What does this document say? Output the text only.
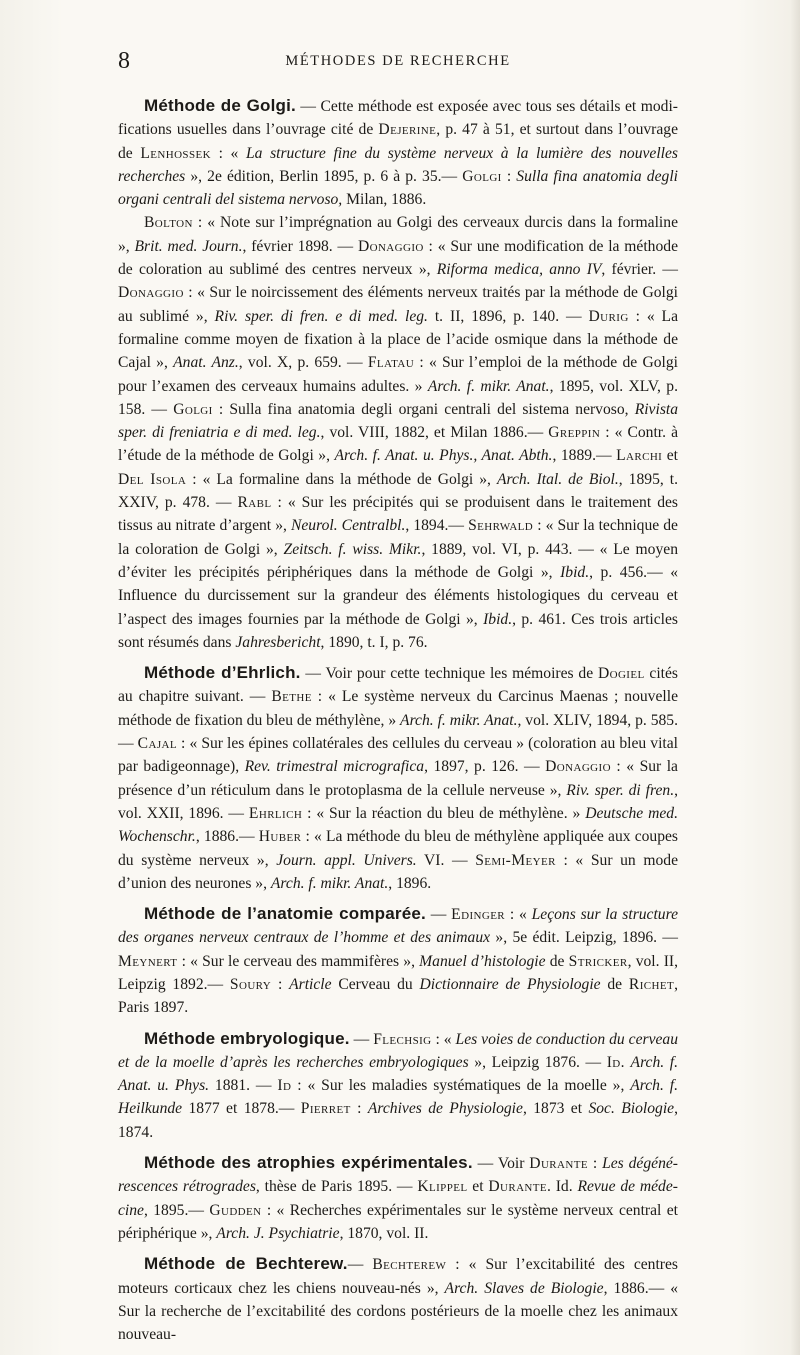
8	MÉTHODES DE RECHERCHE

Méthode de Golgi. — Cette méthode est exposée avec tous ses détails et modifications usuelles dans l’ouvrage cité de Dejerine, p. 47 à 51, et surtout dans l’ouvrage de Lenhossek : « La structure fine du système nerveux à la lumière des nouvelles recherches », 2e édition, Berlin 1895, p. 6 à p. 35.— Golgi : Sulla fina anatomia degli organi centrali del sistema nervoso, Milan, 1886.

Bolton : « Note sur l’imprégnation au Golgi des cerveaux durcis dans la formaline », Brit. med. Journ., février 1898. — Donaggio : « Sur une modification de la méthode de coloration au sublimé des centres nerveux », Riforma medica, anno IV, février. — Donaggio : « Sur le noircissement des éléments nerveux traités par la méthode de Golgi au sublimé », Riv. sper. di fren. e di med. leg. t. II, 1896, p. 140. — Durig : « La formaline comme moyen de fixation à la place de l’acide osmique dans la méthode de Cajal », Anat. Anz., vol. X, p. 659. — Flatau : « Sur l’emploi de la méthode de Golgi pour l’examen des cerveaux humains adultes. » Arch. f. mikr. Anat., 1895, vol. XLV, p. 158. — Golgi : Sulla fina anatomia degli organi centrali del sistema nervoso, Rivista sper. di freniatria e di med. leg., vol. VIII, 1882, et Milan 1886.— Greppin : « Contr. à l’étude de la méthode de Golgi », Arch. f. Anat. u. Phys., Anat. Abth., 1889.— Larchi et Del Isola : « La formaline dans la méthode de Golgi », Arch. Ital. de Biol., 1895, t. XXIV, p. 478. — Rabl : « Sur les précipités qui se produisent dans le traitement des tissus au nitrate d’argent », Neurol. Centralbl., 1894.— Sehrwald : « Sur la technique de la coloration de Golgi », Zeitsch. f. wiss. Mikr., 1889, vol. VI, p. 443. — « Le moyen d’éviter les précipités périphériques dans la méthode de Golgi », Ibid., p. 456.— « Influence du durcissement sur la grandeur des éléments histologiques du cerveau et l’aspect des images fournies par la méthode de Golgi », Ibid., p. 461. Ces trois articles sont résumés dans Jahresbericht, 1890, t. I, p. 76.

Méthode d’Ehrlich. — Voir pour cette technique les mémoires de Dogiel cités au chapitre suivant. — Bethe : « Le système nerveux du Carcinus Maenas ; nouvelle méthode de fixation du bleu de méthylène, » Arch. f. mikr. Anat., vol. XLIV, 1894, p. 585.— Cajal : « Sur les épines collatérales des cellules du cerveau » (coloration au bleu vital par badigeonnage), Rev. trimestral micrografica, 1897, p. 126. — Donaggio : « Sur la présence d’un réticulum dans le protoplasma de la cellule nerveuse », Riv. sper. di fren., vol. XXII, 1896. — Ehrlich : « Sur la réaction du bleu de méthylène. » Deutsche med. Wochenschr., 1886.— Huber : « La méthode du bleu de méthylène appliquée aux coupes du système nerveux », Journ. appl. Univers. VI. — Semi-Meyer : « Sur un mode d’union des neurones », Arch. f. mikr. Anat., 1896.

Méthode de l’anatomie comparée. — Edinger : « Leçons sur la structure des organes nerveux centraux de l’homme et des animaux », 5e édit. Leipzig, 1896. — Meynert : « Sur le cerveau des mammifères », Manuel d’histologie de Stricker, vol. II, Leipzig 1892.— Soury : Article Cerveau du Dictionnaire de Physiologie de Richet, Paris 1897.

Méthode embryologique. — Flechsig : « Les voies de conduction du cerveau et de la moelle d’après les recherches embryologiques », Leipzig 1876. — Id. Arch. f. Anat. u. Phys. 1881. — Id : « Sur les maladies systématiques de la moelle », Arch. f. Heilkunde 1877 et 1878.— Pierret : Archives de Physiologie, 1873 et Soc. Biologie, 1874.

Méthode des atrophies expérimentales. — Voir Durante : Les dégénérescences rétrogrades, thèse de Paris 1895. — Klippel et Durante. Id. Revue de médecine, 1895.— Gudden : « Recherches expérimentales sur le système nerveux central et périphérique », Arch. J. Psychiatrie, 1870, vol. II.

Méthode de Bechterew.— Bechterew : « Sur l’excitabilité des centres moteurs corticaux chez les chiens nouveau-nés », Arch. Slaves de Biologie, 1886.— « Sur la recherche de l’excitabilité des cordons postérieurs de la moelle chez les animaux nouveau-
